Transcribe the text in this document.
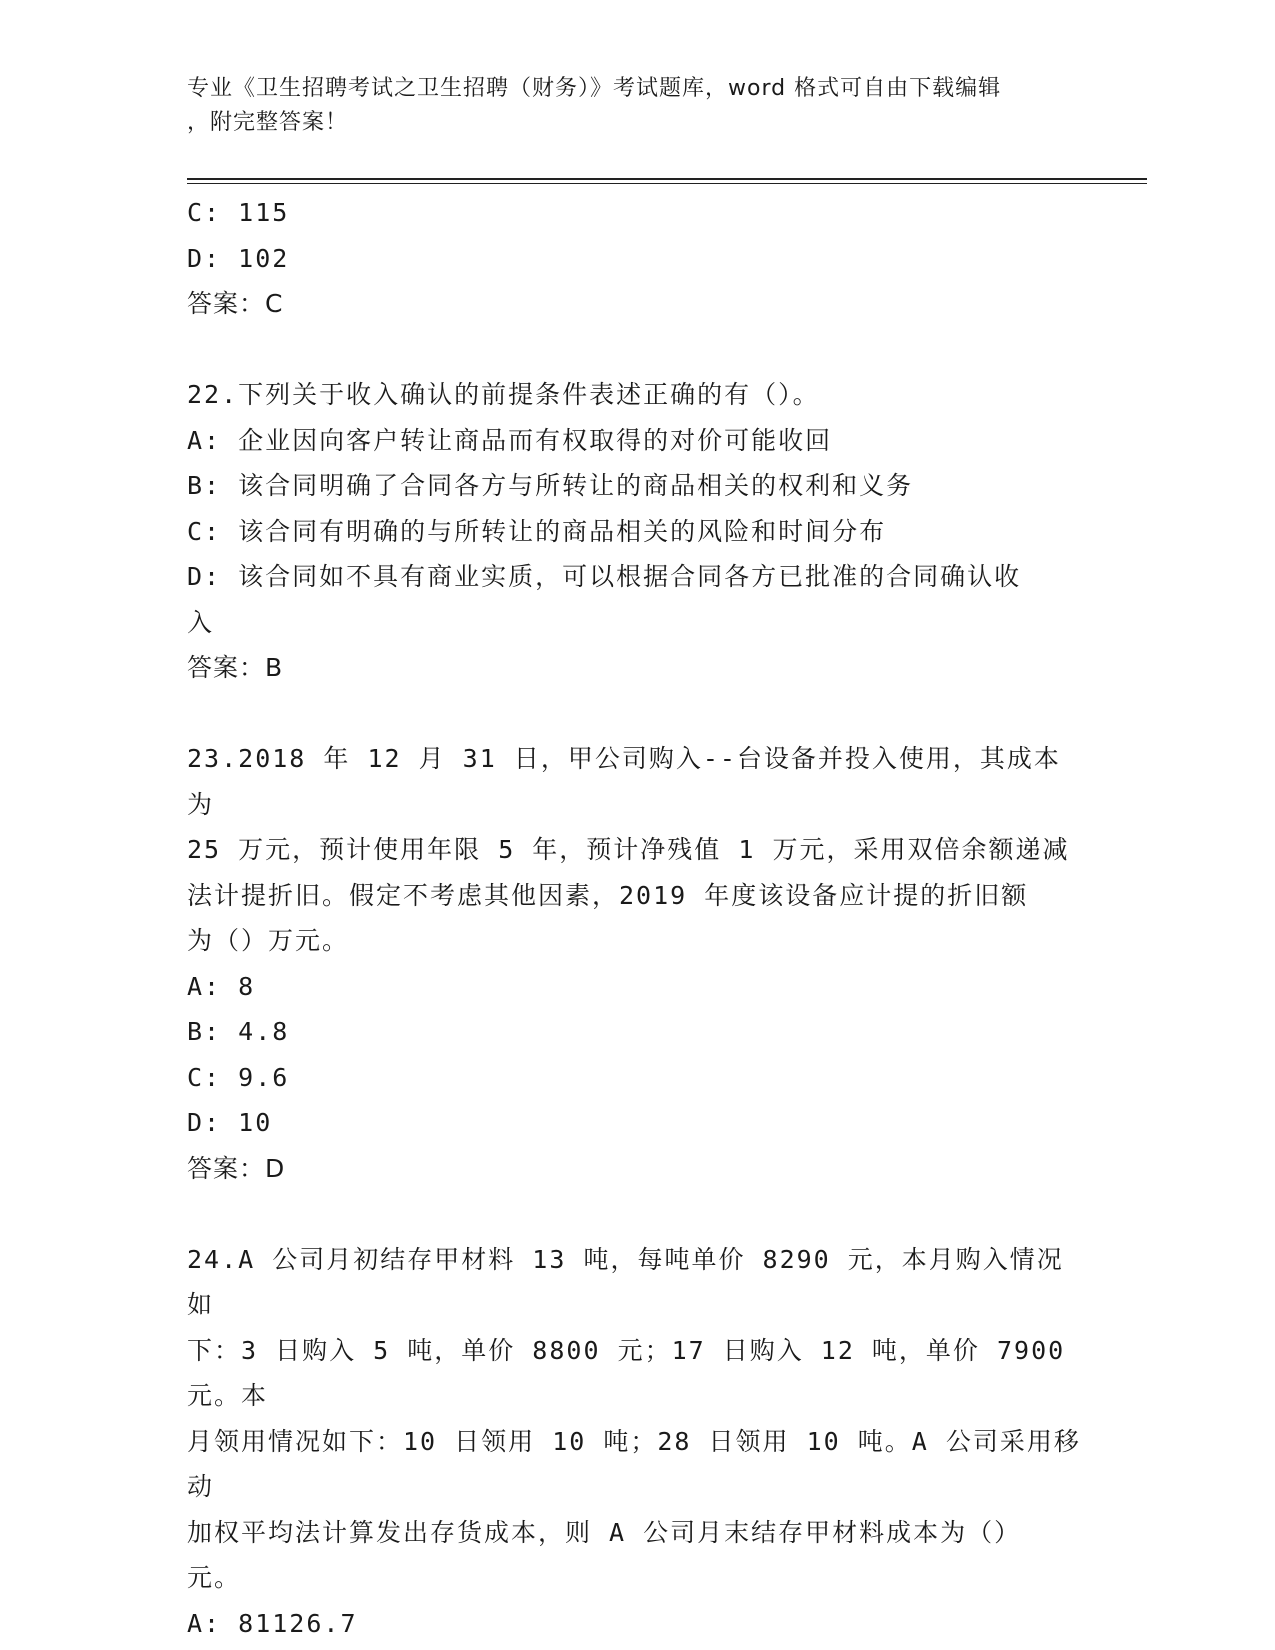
专业《卫生招聘考试之卫生招聘（财务）》考试题库，word 格式可自由下载编辑
，附完整答案！

C: 115

D: 102

答案：C

22.下列关于收入确认的前提条件表述正确的有（）。

A: 企业因向客户转让商品而有权取得的对价可能收回

B: 该合同明确了合同各方与所转让的商品相关的权利和义务

C: 该合同有明确的与所转让的商品相关的风险和时间分布

D: 该合同如不具有商业实质，可以根据合同各方已批准的合同确认收

入

答案：B

23.2018 年 12 月 31 日，甲公司购入--台设备并投入使用，其成本为

25 万元，预计使用年限 5 年，预计净残值 1 万元，采用双倍余额递减

法计提折旧。假定不考虑其他因素，2019 年度该设备应计提的折旧额

为（）万元。

A: 8

B: 4.8

C: 9.6

D: 10

答案：D

24.A 公司月初结存甲材料 13 吨，每吨单价 8290 元，本月购入情况如

下：3 日购入 5 吨，单价 8800 元；17 日购入 12 吨，单价 7900 元。本

月领用情况如下：10 日领用 10 吨；28 日领用 10 吨。A 公司采用移动

加权平均法计算发出存货成本，则 A 公司月末结存甲材料成本为（）

元。

A: 81126.7
